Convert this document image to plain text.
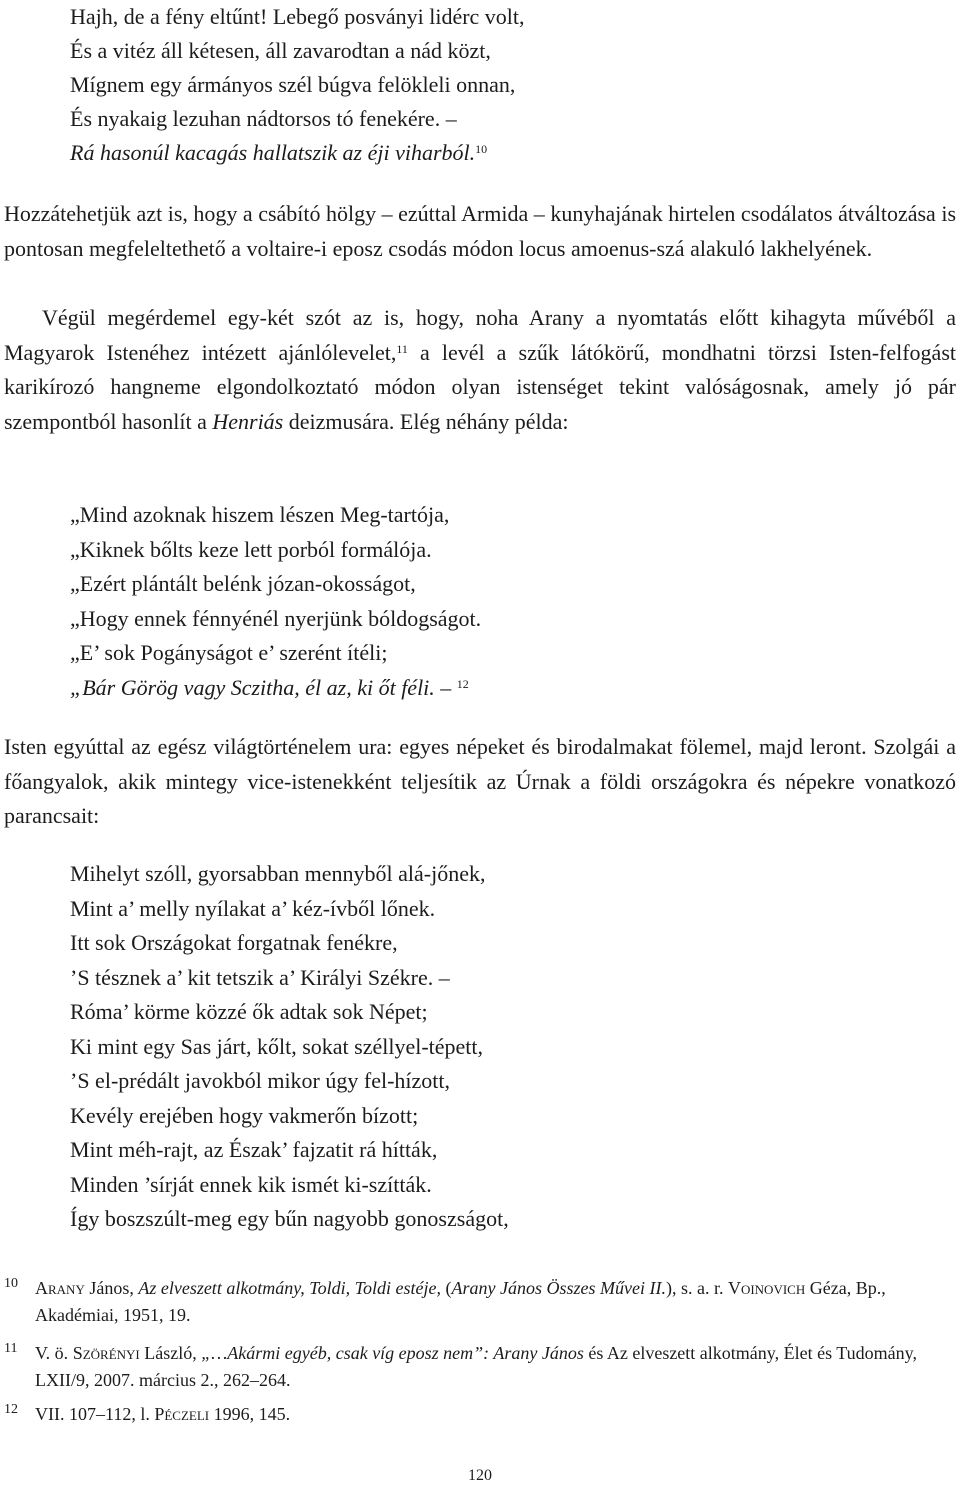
Hajh, de a fény eltűnt! Lebegő posványi lidérc volt,
És a vitéz áll kétesen, áll zavarodtan a nád közt,
Mígnem egy ármányos szél búgva felökleli onnan,
És nyakaig lezuhan nádtorsos tó fenekére. –
Rá hasonúl kacagás hallatszik az éji viharból.$^{10}$
Hozzátehetjük azt is, hogy a csábító hölgy – ezúttal Armida – kunyhajának hirtelen csodálatos átváltozása is pontosan megfeleltethető a voltaire-i eposz csodás módon locus amoenus-szá alakuló lakhelyének.
Végül megérdemel egy-két szót az is, hogy, noha Arany a nyomtatás előtt kihagyta művéből a Magyarok Istenéhez intézett ajánlólevelet,$^{11}$ a levél a szűk látókörű, mondhatni törzsi Isten-felfogást karikírozó hangneme elgondolkoztató módon olyan istenséget tekint valóságosnak, amely jó pár szempontból hasonlít a Henriás deizmusára. Elég néhány példa:
„Mind azoknak hiszem lészen Meg-tartója,
„Kiknek bőlts keze lett porból formálója.
„Ezért plántált belénk józan-okosságot,
„Hogy ennek fénnyénél nyerjünk bóldogságot.
„E’ sok Pogányságot e’ szerént ítéli;
„Bár Görög vagy Sczitha, él az, ki őt féli. – $^{12}$
Isten egyúttal az egész világtörténelem ura: egyes népeket és birodalmakat fölemel, majd leront. Szolgái a főangyalok, akik mintegy vice-istenekként teljesítik az Úrnak a földi országokra és népekre vonatkozó parancsait:
Mihelyt szóll, gyorsabban mennyből alá-jőnek,
Mint a’ melly nyílakat a’ kéz-ívből lőnek.
Itt sok Országokat forgatnak fenékre,
’S tésznek a’ kit tetszik a’ Királyi Székre. –
Róma’ körme közzé ők adtak sok Népet;
Ki mint egy Sas járt, kőlt, sokat széllyel-tépett,
’S el-prédált javokból mikor úgy fel-hízott,
Kevély erejében hogy vakmerőn bízott;
Mint méh-rajt, az Észak’ fajzatit rá hítták,
Minden ’sírját ennek kik ismét ki-szítták.
Így boszszúlt-meg egy bűn nagyobb gonoszságot,
10 Arany János, Az elveszett alkotmány, Toldi, Toldi estéje, (Arany János Összes Művei II.), s. a. r. Voinovich Géza, Bp., Akadémiai, 1951, 19.
11 V. ö. Szörényi László, „…Akármi egyéb, csak víg eposz nem”: Arany János és Az elveszett alkotmány, Élet és Tudomány, LXII/9, 2007. március 2., 262–264.
12 VII. 107–112, l. Péczeli 1996, 145.
120
